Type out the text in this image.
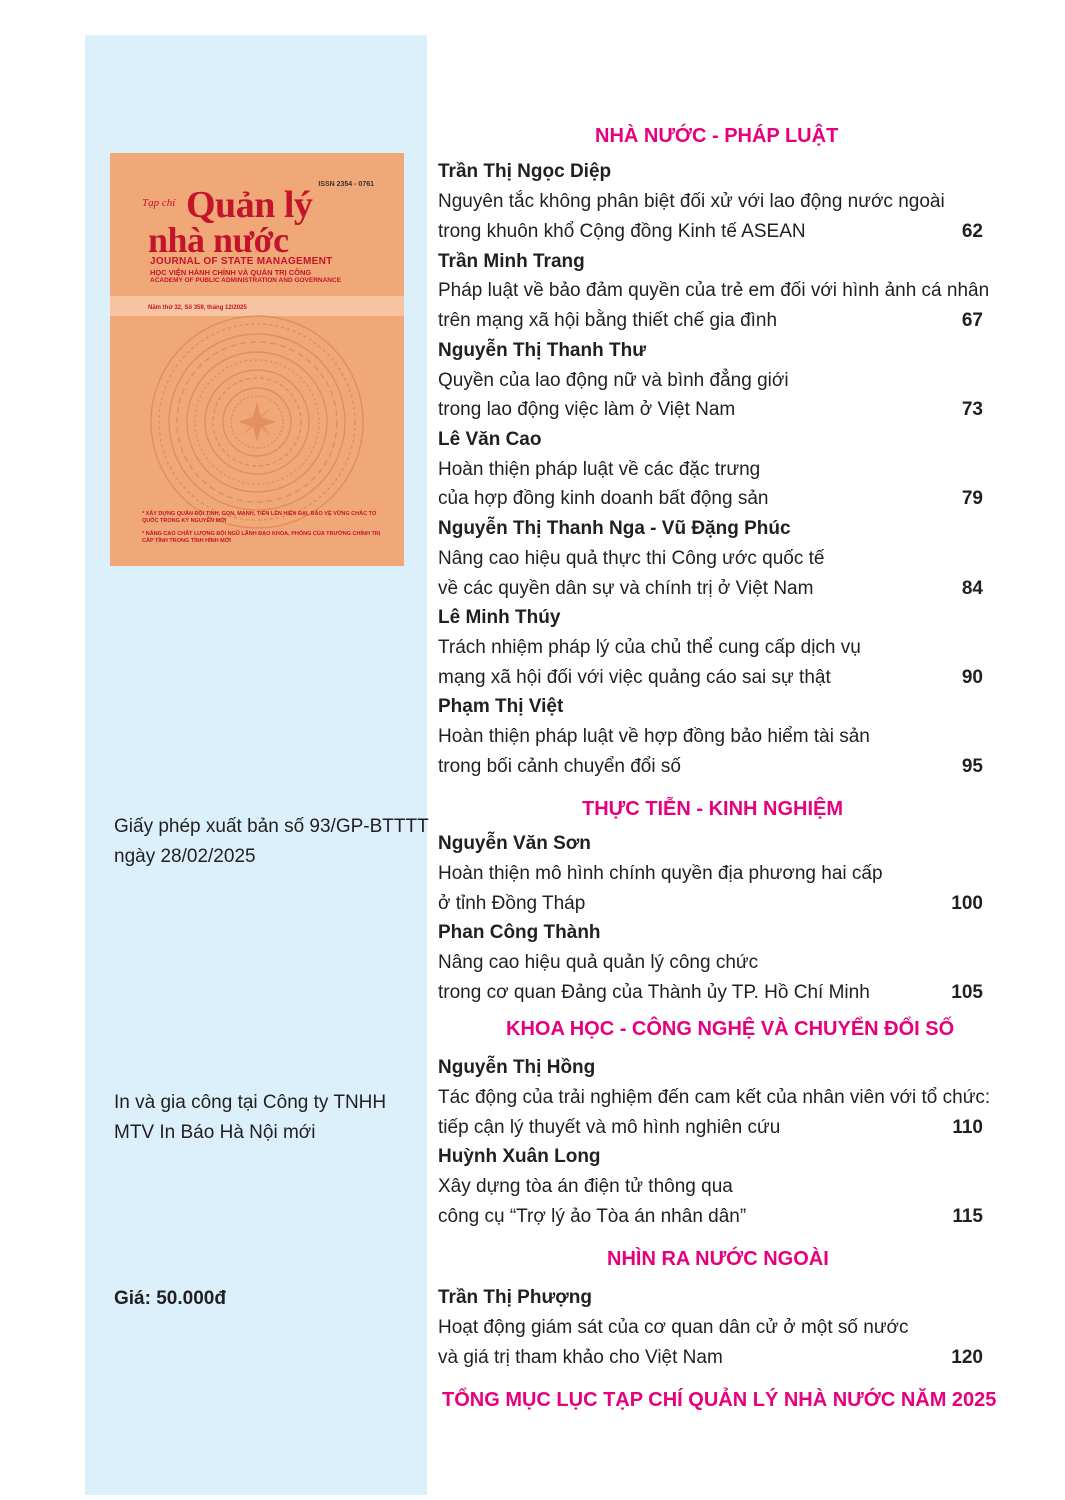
ISSN 2354 - 0761
Tạp chí Quản lý
nhà nước
JOURNAL OF STATE MANAGEMENT
HỌC VIỆN HÀNH CHÍNH VÀ QUẢN TRỊ CÔNG
ACADEMY OF PUBLIC ADMINISTRATION AND GOVERNANCE
Năm thứ 32, Số 359, tháng 12/2025
* XÂY DỰNG QUÂN ĐỘI TINH, GỌN, MẠNH, TIẾN LÊN HIỆN ĐẠI, BẢO VỆ VỮNG CHẮC TỔ QUỐC TRONG KỶ NGUYÊN MỚI
* NÂNG CAO CHẤT LƯỢNG ĐỘI NGŨ LÃNH ĐẠO KHOA, PHÒNG CỦA TRƯỜNG CHÍNH TRỊ CẤP TỈNH TRONG TÌNH HÌNH MỚI
Giấy phép xuất bản số 93/GP-BTTTT
ngày 28/02/2025
In và gia công tại Công ty TNHH
MTV In Báo Hà Nội mới
Giá: 50.000đ
NHÀ NƯỚC - PHÁP LUẬT
Trần Thị Ngọc Diệp
Nguyên tắc không phân biệt đối xử với lao động nước ngoài
trong khuôn khổ Cộng đồng Kinh tế ASEAN	62
Trần Minh Trang
Pháp luật về bảo đảm quyền của trẻ em đối với hình ảnh cá nhân
trên mạng xã hội bằng thiết chế gia đình	67
Nguyễn Thị Thanh Thư
Quyền của lao động nữ và bình đẳng giới
trong lao động việc làm ở Việt Nam	73
Lê Văn Cao
Hoàn thiện pháp luật về các đặc trưng
của hợp đồng kinh doanh bất động sản	79
Nguyễn Thị Thanh Nga - Vũ Đặng Phúc
Nâng cao hiệu quả thực thi Công ước quốc tế
về các quyền dân sự và chính trị ở Việt Nam	84
Lê Minh Thúy
Trách nhiệm pháp lý của chủ thể cung cấp dịch vụ
mạng xã hội đối với việc quảng cáo sai sự thật	90
Phạm Thị Việt
Hoàn thiện pháp luật về hợp đồng bảo hiểm tài sản
trong bối cảnh chuyển đổi số	95
THỰC TIỄN - KINH NGHIỆM
Nguyễn Văn Sơn
Hoàn thiện mô hình chính quyền địa phương hai cấp
ở tỉnh Đồng Tháp	100
Phan Công Thành
Nâng cao hiệu quả quản lý công chức
trong cơ quan Đảng của Thành ủy TP. Hồ Chí Minh	105
KHOA HỌC - CÔNG NGHỆ VÀ CHUYỂN ĐỔI SỐ
Nguyễn Thị Hồng
Tác động của trải nghiệm đến cam kết của nhân viên với tổ chức:
tiếp cận lý thuyết và mô hình nghiên cứu	110
Huỳnh Xuân Long
Xây dựng tòa án điện tử thông qua
công cụ “Trợ lý ảo Tòa án nhân dân”	115
NHÌN RA NƯỚC NGOÀI
Trần Thị Phượng
Hoạt động giám sát của cơ quan dân cử ở một số nước
và giá trị tham khảo cho Việt Nam	120
TỔNG MỤC LỤC TẠP CHÍ QUẢN LÝ NHÀ NƯỚC NĂM 2025
